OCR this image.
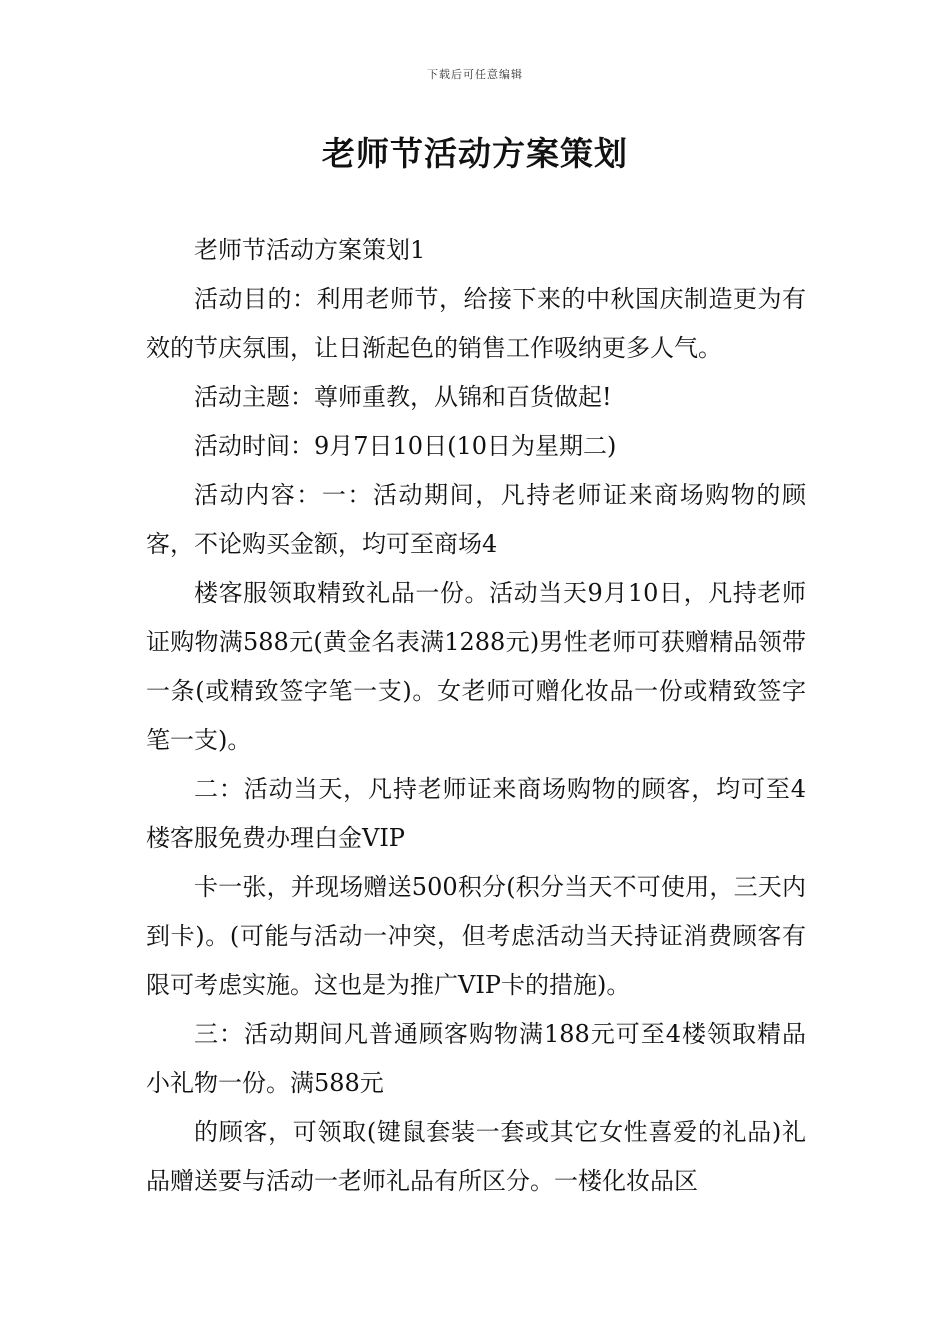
下载后可任意编辑
老师节活动方案策划

老师节活动方案策划1

活动目的：利用老师节，给接下来的中秋国庆制造更为有效的节庆氛围，让日渐起色的销售工作吸纳更多人气。

活动主题：尊师重教，从锦和百货做起!

活动时间：9月7日10日(10日为星期二)

活动内容：一：活动期间，凡持老师证来商场购物的顾客，不论购买金额，均可至商场4

楼客服领取精致礼品一份。活动当天9月10日，凡持老师证购物满588元(黄金名表满1288元)男性老师可获赠精品领带一条(或精致签字笔一支)。女老师可赠化妆品一份或精致签字笔一支)。

二：活动当天，凡持老师证来商场购物的顾客，均可至4楼客服免费办理白金VIP

卡一张，并现场赠送500积分(积分当天不可使用，三天内到卡)。(可能与活动一冲突，但考虑活动当天持证消费顾客有限可考虑实施。这也是为推广VIP卡的措施)。

三：活动期间凡普通顾客购物满188元可至4楼领取精品小礼物一份。满588元

的顾客，可领取(键鼠套装一套或其它女性喜爱的礼品)礼品赠送要与活动一老师礼品有所区分。一楼化妆品区
